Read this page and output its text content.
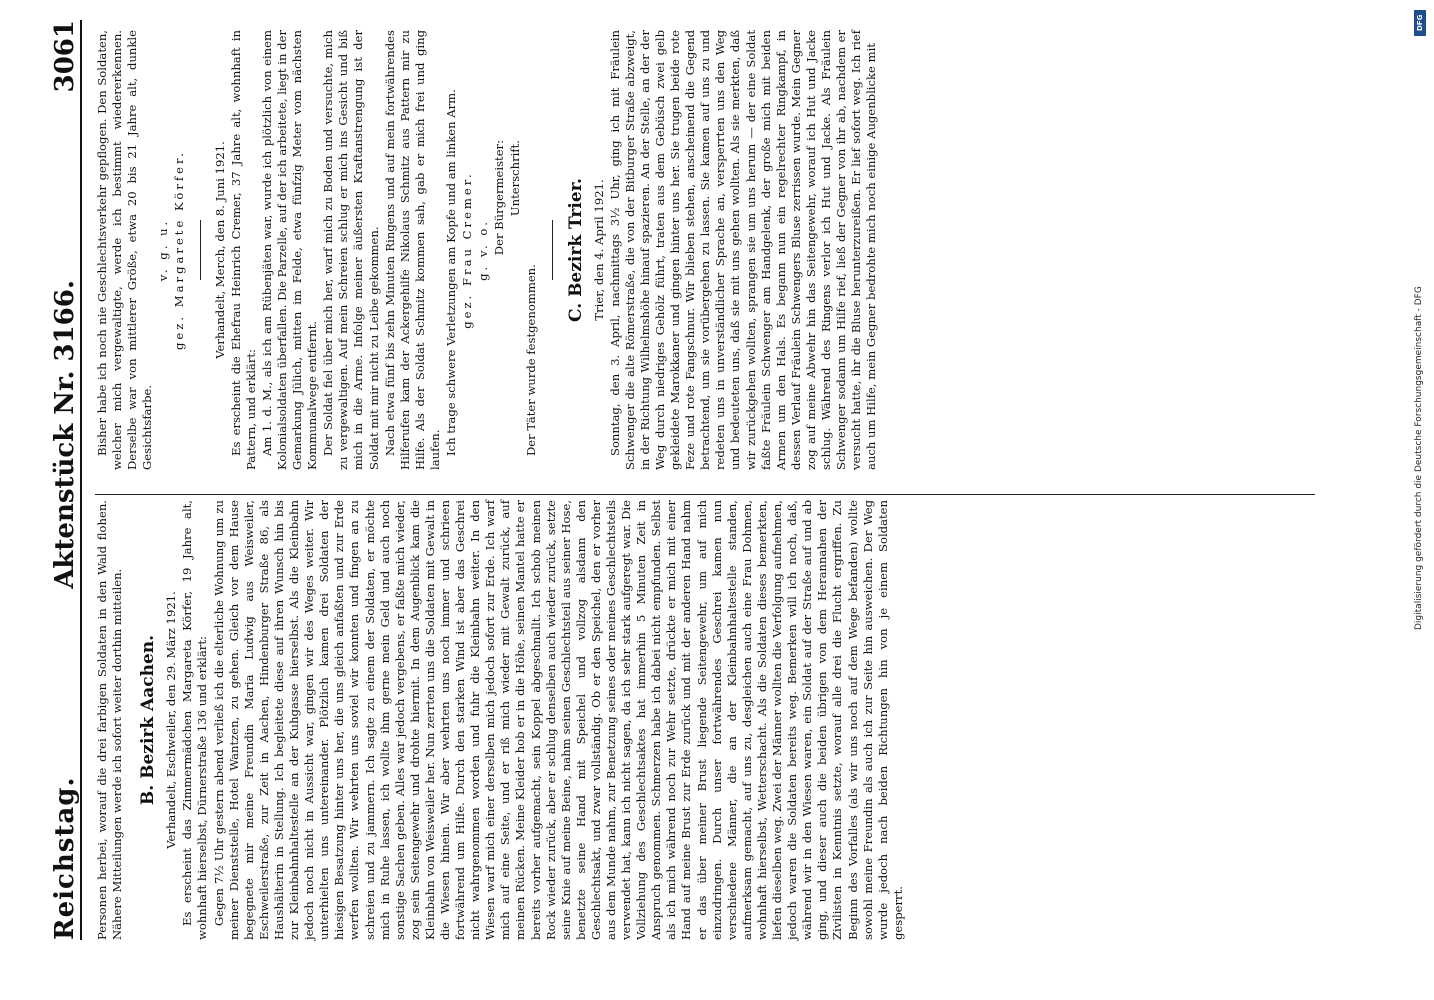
Reichstag.
Aktenstück Nr. 3166.
3061

Personen herbei, worauf die drei farbigen Soldaten in den Wald flohen. Nähere Mitteilungen werde ich sofort weiter dorthin mitteilen. B. Bezirk Aachen. Verhandelt, Eschweiler, den 29. März 1921. Es erscheint das Zimmermädchen Margareta Körfer, 19 Jahre alt, wohnhaft hierselbst, Dürnerstraße 136 und erklärt: Gegen 7½ Uhr gestern abend verließ ich die elterliche Wohnung um zu meiner Dienststelle, Hotel Wantzen, zu gehen. Gleich vor dem Hause begegnete mir meine Freundin Maria Ludwig aus Weisweiler, Eschweilerstraße, zur Zeit in Aachen, Hindenburger Straße 86, als Haushälterin in Stellung. Ich begleitete diese auf ihren Wunsch hin bis zur Kleinbahnhaltestelle an der Kuhgasse hierselbst. Als die Kleinbahn jedoch noch nicht in Aussicht war, gingen wir des Weges weiter. Wir unterhielten uns untereinander. Plötzlich kamen drei Soldaten der hiesigen Besatzung hinter uns her, die uns gleich anfaßten und zur Erde werfen wollten. Wir wehrten uns soviel wir konnten und fingen an zu schreien und zu jammern. Ich sagte zu einem der Soldaten, er möchte mich in Ruhe lassen, ich wollte ihm gerne mein Geld und auch noch sonstige Sachen geben. Alles war jedoch vergebens, er faßte mich wieder, zog sein Seitengewehr und drohte hiermit. In dem Augenblick kam die Kleinbahn von Weisweiler her. Nun zerrten uns die Soldaten mit Gewalt in die Wiesen hinein. Wir aber wehrten uns noch immer und schrieen fortwährend um Hilfe. Durch den starken Wind ist aber das Geschrei nicht wahrgenommen worden und fuhr die Kleinbahn weiter. In den Wiesen warf mich einer derselben mich jedoch sofort zur Erde. Ich warf mich auf eine Seite, und er riß mich wieder mit Gewalt zurück, auf meinen Rücken. Meine Kleider hob er in die Höhe, seinen Mantel hatte er bereits vorher aufgemacht, sein Koppel abgeschnallt. Ich schob meinen Rock wieder zurück, aber er schlug denselben auch wieder zurück, setzte seine Knie auf meine Beine, nahm seinen Geschlechtsteil aus seiner Hose, benetzte seine Hand mit Speichel und vollzog alsdann den Geschlechtsakt, und zwar vollständig. Ob er den Speichel, den er vorher aus dem Munde nahm, zur Benetzung seines oder meines Geschlechtsteils verwendet hat, kann ich nicht sagen, da ich sehr stark aufgeregt war. Die Vollziehung des Geschlechtsaktes hat immerhin 5 Minuten Zeit in Anspruch genommen. Schmerzen habe ich dabei nicht empfunden. Selbst als ich mich während noch zur Wehr setzte, drückte er mich mit einer Hand auf meine Brust zur Erde zurück und mit der anderen Hand nahm er das über meiner Brust liegende Seitengewehr, um auf mich einzudringen. Durch unser fortwährendes Geschrei kamen nun verschiedene Männer, die an der Kleinbahnhaltestelle standen, aufmerksam gemacht, auf uns zu, desgleichen auch eine Frau Dohmen, wohnhaft hierselbst, Wetterschacht. Als die Soldaten dieses bemerkten, liefen dieselben weg. Zwei der Männer wollten die Verfolgung aufnehmen, jedoch waren die Soldaten bereits weg. Bemerken will ich noch, daß, während wir in den Wiesen waren, ein Soldat auf der Straße auf und ab ging, und dieser auch die beiden übrigen von dem Herannahen der Zivilisten in Kenntnis setzte, worauf alle drei die Flucht ergriffen. Zu Beginn des Vorfalles (als wir uns noch auf dem Wege befanden) wollte sowohl meine Freundin als auch ich zur Seite hin ausweichen. Der Weg wurde jedoch nach beiden Richtungen hin von je einem Soldaten gesperrt.

Bisher habe ich noch nie Geschlechtsverkehr gepflogen. Den Soldaten, welcher mich vergewaltigte, werde ich bestimmt wiedererkennen. Derselbe war von mittlerer Größe, etwa 20 bis 21 Jahre alt, dunkle Gesichtsfarbe.

v. g. u. gez. Margarete Körfer. Verhandelt, Merch, den 8. Juni 1921. Es erscheint die Ehefrau Heinrich Cremer, 37 Jahre alt, wohnhaft in Pattern, und erklärt: Am 1. d. M., als ich am Rübenjäten war, wurde ich plötzlich von einem Kolonialsoldaten überfallen. Die Parzelle, auf der ich arbeitete, liegt in der Gemarkung Jülich, mitten im Felde, etwa fünfzig Meter vom nächsten Kommunalwege entfernt. Der Soldat fiel über mich her, warf mich zu Boden und versuchte, mich zu vergewaltigen. Auf mein Schreien schlug er mich ins Gesicht und biß mich in die Arme. Infolge meiner äußersten Kraftanstrengung ist der Soldat mit mir nicht zu Leibe gekommen. Nach etwa fünf bis zehn Minuten Ringens und auf mein fortwährendes Hilferufen kam der Ackergehilfe Nikolaus Schmitz aus Pattern mir zu Hilfe. Als der Soldat Schmitz kommen sah, gab er mich frei und ging laufen. Ich trage schwere Verletzungen am Kopfe und am linken Arm. gez. Frau Cremer. g. v. o. Der Bürgermeister: Unterschrift.

Der Täter wurde festgenommen.

C. Bezirk Trier. Trier, den 4. April 1921. Sonntag, den 3. April, nachmittags 3½ Uhr, ging ich mit Fräulein Schwenger die alte Römerstraße, die von der Bitburger Straße abzweigt, in der Richtung Wilhelmshöhe hinauf spazieren. An der Stelle, an der der Weg durch niedriges Gehölz führt, traten aus dem Gebüsch zwei gelb gekleidete Marokkaner und gingen hinter uns her. Sie trugen beide rote Feze und rote Fangschnur. Wir blieben stehen, anscheinend die Gegend betrachtend, um sie vorübergehen zu lassen. Sie kamen auf uns zu und redeten uns in unverständlicher Sprache an, versperrten uns den Weg und bedeuteten uns, daß sie mit uns gehen wollten. Als sie merkten, daß wir zurückgehen wollten, sprangen sie um uns herum — der eine Soldat faßte Fräulein Schwenger am Handgelenk, der große mich mit beiden Armen um den Hals. Es begann nun ein regelrechter Ringkampf, in dessen Verlauf Fräulein Schwengers Bluse zerrissen wurde. Mein Gegner zog auf meine Abwehr hin das Seitengewehr, worauf ich Hut und Jacke schlug. Während des Ringens verlor ich Hut und Jacke. Als Fräulein Schwenger sodann um Hilfe rief, ließ der Gegner von ihr ab, nachdem er versucht hatte, ihr die Bluse herunterzureißen. Er lief sofort weg. Ich rief auch um Hilfe, mein Gegner bedrohte mich noch einige Augenblicke mit

DFG
Digitalisierung gefördert durch die Deutsche Forschungsgemeinschaft - DFG
